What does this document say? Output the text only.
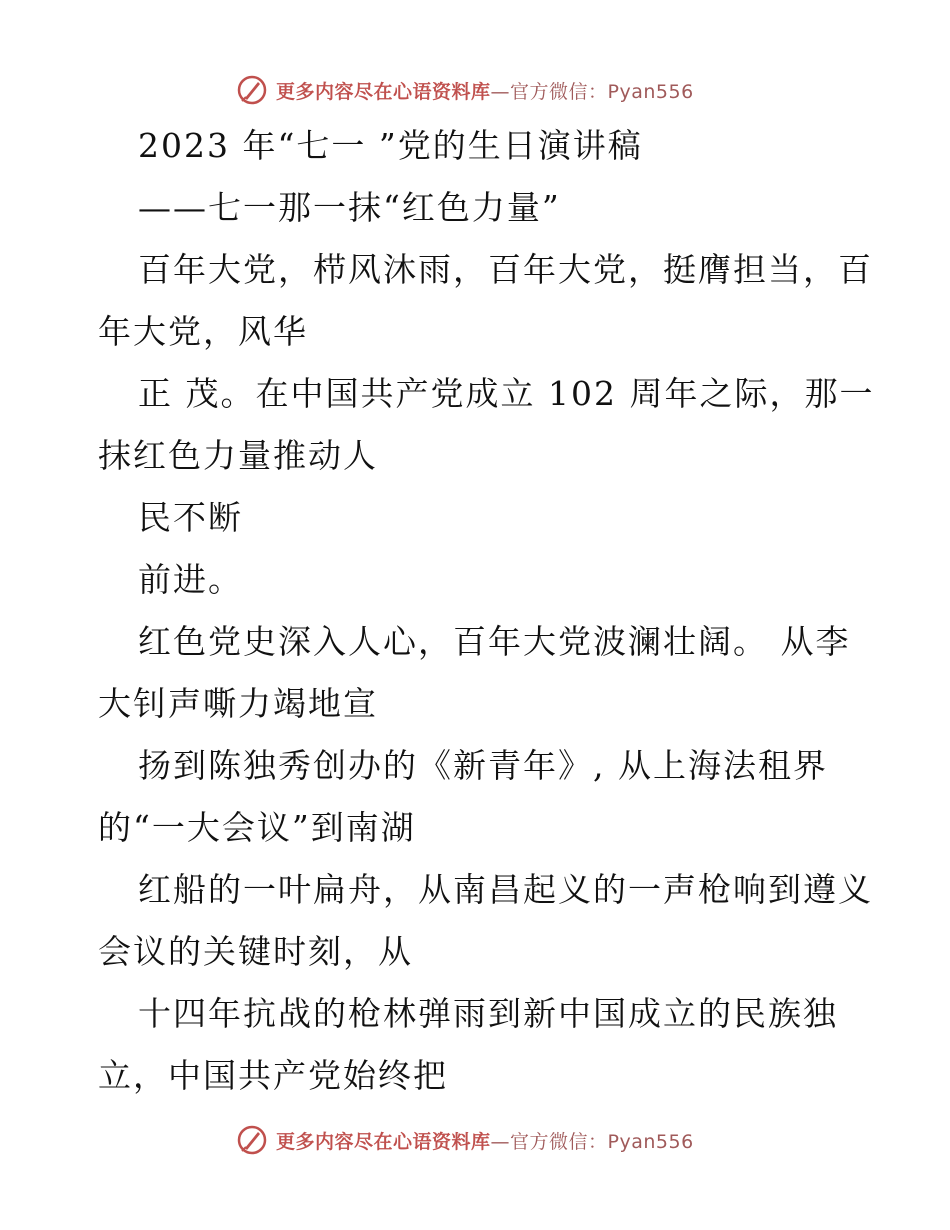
更多内容尽在心语资料库—官方微信：Pyan556
2023 年“七一 ”党的生日演讲稿
——七一那一抹“红色力量”
百年大党，栉风沐雨，百年大党，挺膺担当，百
年大党，风华
正 茂。在中国共产党成立 102 周年之际，那一
抹红色力量推动人
民不断
前进。
红色党史深入人心，百年大党波澜壮阔。 从李
大钊声嘶力竭地宣
扬到陈独秀创办的《新青年》, 从上海法租界
的“一大会议”到南湖
红船的一叶扁舟，从南昌起义的一声枪响到遵义
会议的关键时刻，从
十四年抗战的枪林弹雨到新中国成立的民族独
立，中国共产党始终把
更多内容尽在心语资料库—官方微信：Pyan556
